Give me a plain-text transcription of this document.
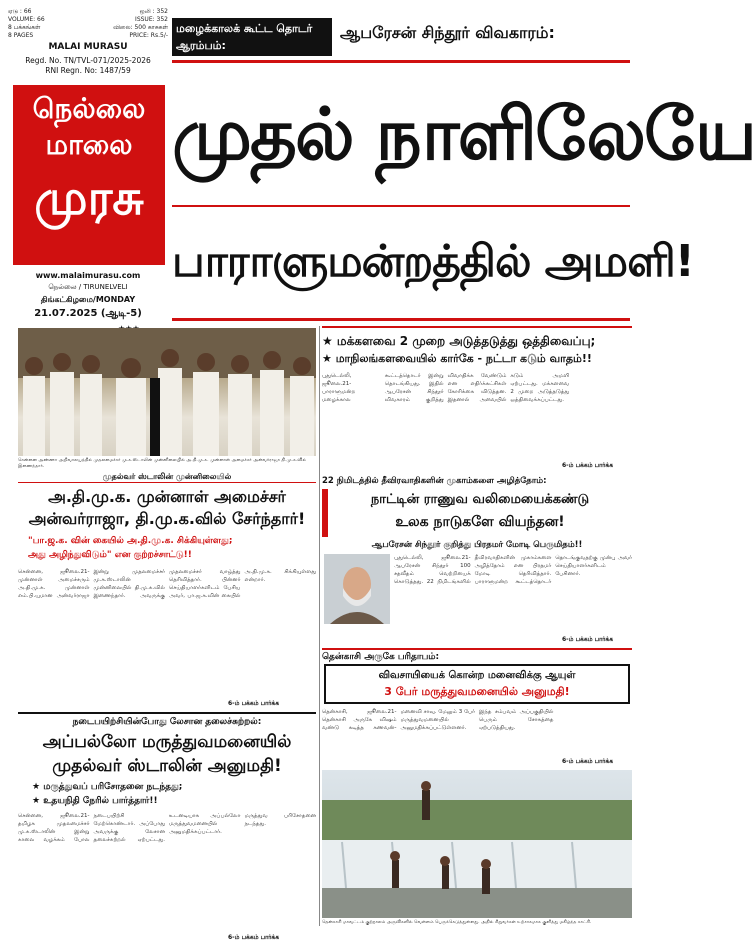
ஏடு : 66
VOLUME: 66
8 பக்கங்கள்
8 PAGES
ஒலி : 352
ISSUE: 352
விலை: 500 காசுகள்
PRICE: Rs.5/-
MALAI MURASU
Regd. No. TN/TVL-071/2025-2026
RNI Regn. No: 1487/59
நெல்லை
மாலை
முரசு
www.malaimurasu.com
நெல்லை / TIRUNELVELI
திங்கட்கிழமை/MONDAY
21.07.2025 (ஆடி-5)
மழைக்காலக் கூட்ட தொடர் ஆரம்பம்:
ஆபரேசன் சிந்தூர் விவகாரம்:
முதல் நாளிலேயே
பாராளுமன்றத்தில் அமளி!
சென்னை அண்ணா அறிவாலயத்தில் முதலமைச்சர் மு.க.ஸ்டாலின் முன்னிலையில் அ.தி.மு.க. முன்னாள் அமைச்சர் அன்வர்ராஜா தி.மு.க.வில் இணைந்தார்.
முதல்வர் ஸ்டாலின் முன்னிலையில்
அ.தி.மு.க. முன்னாள் அமைச்சர்
அன்வர்ராஜா, தி.மு.க.வில் சேர்ந்தார்!
"பா.ஜ.க. வின் கையில் அ.தி.மு.க. சிக்கியுள்ளது;
அது அழிந்துவிடும்" என குற்றச்சாட்டு!!
சென்னை, ஜூலை.21- முன்னாள் அமைச்சரும் அ.தி.மு.க. முன்னாள் எம்.பி.யுமான அன்வர்ராஜா இன்று முதலமைச்சர் மு.க.ஸ்டாலின் முன்னிலையில் தி.மு.க.வில் இணைந்தார். அவருக்கு முதலமைச்சர் வாழ்த்து தெரிவித்தார். பின்னர் செய்தியாளர்களிடம் பேசிய அவர், பா.ஜ.க.வின் கையில் அ.தி.மு.க. சிக்கியுள்ளது என்றார்.
6-ம் பக்கம் பார்க்க
★ மக்களவை 2 முறை அடுத்தடுத்து ஒத்திவைப்பு;
★ மாநிலங்களவையில் கார்கே - நட்டா கடும் வாதம்!!
புதுடெல்லி, ஜூலை.21- பாராளுமன்ற மழைக்கால கூட்டத்தொடர் இன்று தொடங்கியது. இதில் ஆபரேசன் சிந்தூர் விவகாரம் குறித்து விவாதிக்க வேண்டும் என எதிர்க்கட்சிகள் கோரிக்கை விடுத்தன. இதனால் அவையில் கடும் அமளி ஏற்பட்டது. மக்களவை 2 முறை அடுத்தடுத்து ஒத்திவைக்கப்பட்டது.
6-ம் பக்கம் பார்க்க
22 நிமிடத்தில் தீவிரவாதிகளின் முகாம்களை அழித்தோம்:
நாட்டின் ராணுவ வலிமையைக்கண்டு
உலக நாடுகளே வியந்தன!
ஆபரேசன் சிந்தூர் குறித்து பிரதமர் மோடி பெருமிதம்!!
புதுடெல்லி, ஜூலை.21- ஆபரேசன் சிந்தூர் 100 சதவீதம் வெற்றியைக் கொடுத்தது. 22 நிமிடங்களில் தீவிரவாதிகளின் முகாம்களை அழித்தோம் என பிரதமர் மோடி தெரிவித்தார். பாராளுமன்ற கூட்டத்தொடர் தொடங்குவதற்கு முன்பு அவர் செய்தியாளர்களிடம் பேசினார்.
6-ம் பக்கம் பார்க்க
தென்காசி அருகே பரிதாபம்:
விவசாயியைக் கொன்ற மனைவிக்கு ஆயுள்
3 பேர் மருத்துவமனையில் அனுமதி!
தென்காசி, ஜூலை.21- தென்காசி அருகே விஷம் வண்டு கடித்த கணவன்-மனைவி சாவு. மேலும் 3 பேர் மருத்துவமனையில் அனுமதிக்கப்பட்டுள்ளனர். இந்த சம்பவம் அப்பகுதியில் பெரும் சோகத்தை ஏற்படுத்தியது.
6-ம் பக்கம் பார்க்க
நடைபயிற்சியின்போது லேசான தலைச்சுற்றல்:
அப்பல்லோ மருத்துவமனையில்
முதல்வர் ஸ்டாலின் அனுமதி!
★ மருத்துவப் பரிசோதனை நடந்தது;
★ உதயநிதி நேரில் பார்த்தார்!!
சென்னை, ஜூலை.21- தமிழக முதலமைச்சர் மு.க.ஸ்டாலின் இன்று காலை வழக்கம் போல நடைபயிற்சி மேற்கொண்டார். அப்போது அவருக்கு லேசான தலைச்சுற்றல் ஏற்பட்டது. உடனடியாக அப்பல்லோ மருத்துவமனையில் அனுமதிக்கப்பட்டார். மருத்துவ பரிசோதனை நடந்தது.
6-ம் பக்கம் பார்க்க
தென்காசி மாவட்டம் குற்றாலம் அருவிகளில் வெள்ளம் பெருக்கெடுத்துள்ளது. அதில் சிறுவர்கள் உற்சாகமாக குளித்து மகிழ்ந்த காட்சி.
